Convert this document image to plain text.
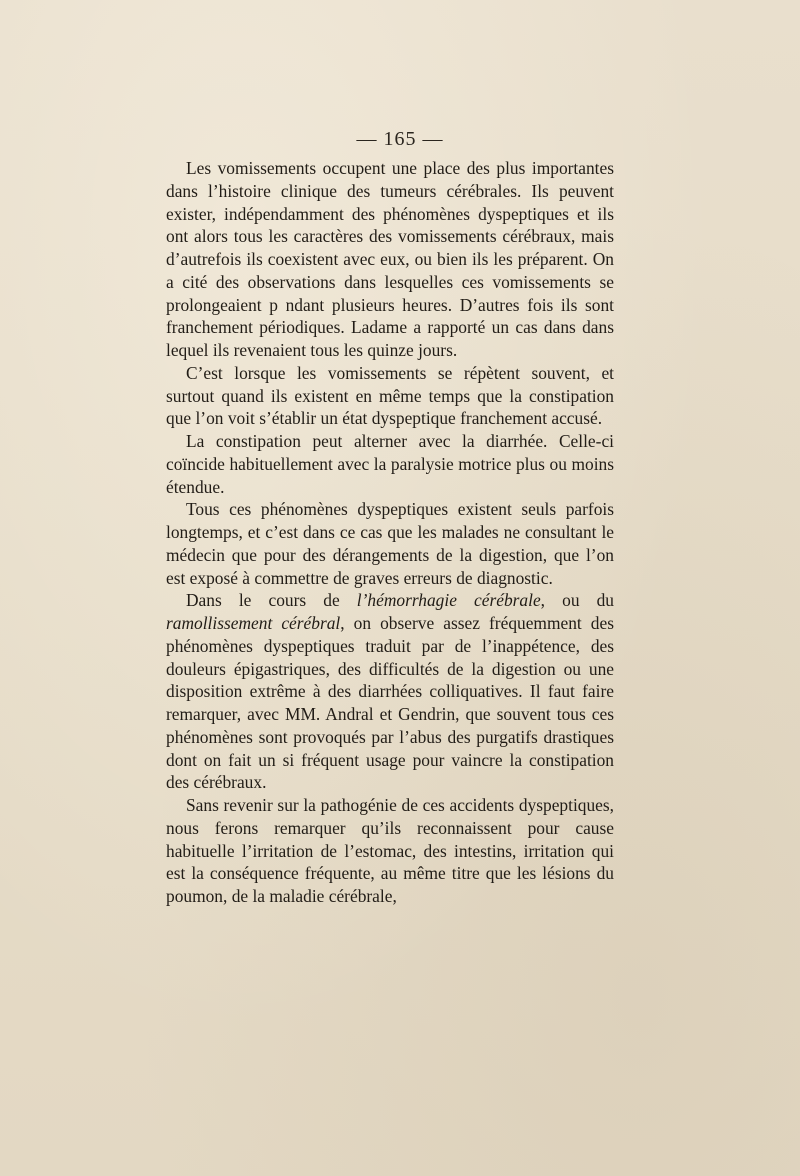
— 165 —

Les vomissements occupent une place des plus importantes dans l’histoire clinique des tumeurs cérébrales. Ils peuvent exister, indépendamment des phénomènes dyspeptiques et ils ont alors tous les caractères des vomissements cérébraux, mais d’autrefois ils coexistent avec eux, ou bien ils les préparent. On a cité des observations dans lesquelles ces vomissements se prolongeaient p ndant plusieurs heures. D’autres fois ils sont franchement périodiques. Ladame a rapporté un cas dans dans lequel ils revenaient tous les quinze jours.

C’est lorsque les vomissements se répètent souvent, et surtout quand ils existent en même temps que la constipation que l’on voit s’établir un état dyspeptique franchement accusé.

La constipation peut alterner avec la diarrhée. Celle-ci coïncide habituellement avec la paralysie motrice plus ou moins étendue.

Tous ces phénomènes dyspeptiques existent seuls parfois longtemps, et c’est dans ce cas que les malades ne consultant le médecin que pour des dérangements de la digestion, que l’on est exposé à commettre de graves erreurs de diagnostic.

Dans le cours de l’hémorrhagie cérébrale, ou du ramollissement cérébral, on observe assez fréquemment des phénomènes dyspeptiques traduit par de l’inappétence, des douleurs épigastriques, des difficultés de la digestion ou une disposition extrême à des diarrhées colliquatives. Il faut faire remarquer, avec MM. Andral et Gendrin, que souvent tous ces phénomènes sont provoqués par l’abus des purgatifs drastiques dont on fait un si fréquent usage pour vaincre la constipation des cérébraux.

Sans revenir sur la pathogénie de ces accidents dyspeptiques, nous ferons remarquer qu’ils reconnaissent pour cause habituelle l’irritation de l’estomac, des intestins, irritation qui est la conséquence fréquente, au même titre que les lésions du poumon, de la maladie cérébrale,
